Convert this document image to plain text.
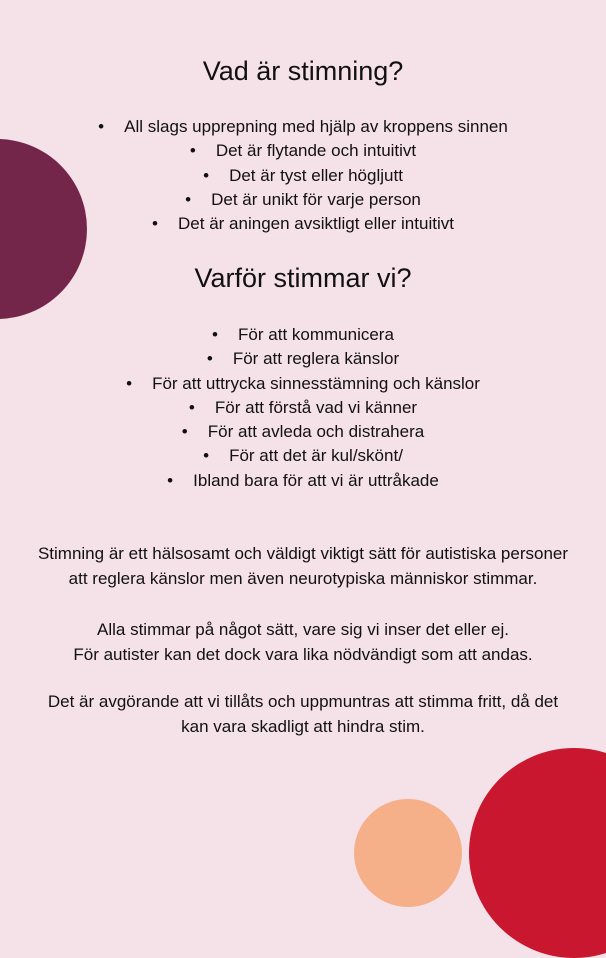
Vad är stimning?
• All slags upprepning med hjälp av kroppens sinnen
• Det är flytande och intuitivt
• Det är tyst eller högljutt
• Det är unikt för varje person
• Det är aningen avsiktligt eller intuitivt
Varför stimmar vi?
• För att kommunicera
• För att reglera känslor
• För att uttrycka sinnesstämning och känslor
• För att förstå vad vi känner
• För att avleda och distrahera
• För att det är kul/skönt/
• Ibland bara för att vi är uttråkade

Stimning är ett hälsosamt och väldigt viktigt sätt för autistiska personer
att reglera känslor men även neurotypiska människor stimmar.

Alla stimmar på något sätt, vare sig vi inser det eller ej.
För autister kan det dock vara lika nödvändigt som att andas.

Det är avgörande att vi tillåts och uppmuntras att stimma fritt, då det
kan vara skadligt att hindra stim.
